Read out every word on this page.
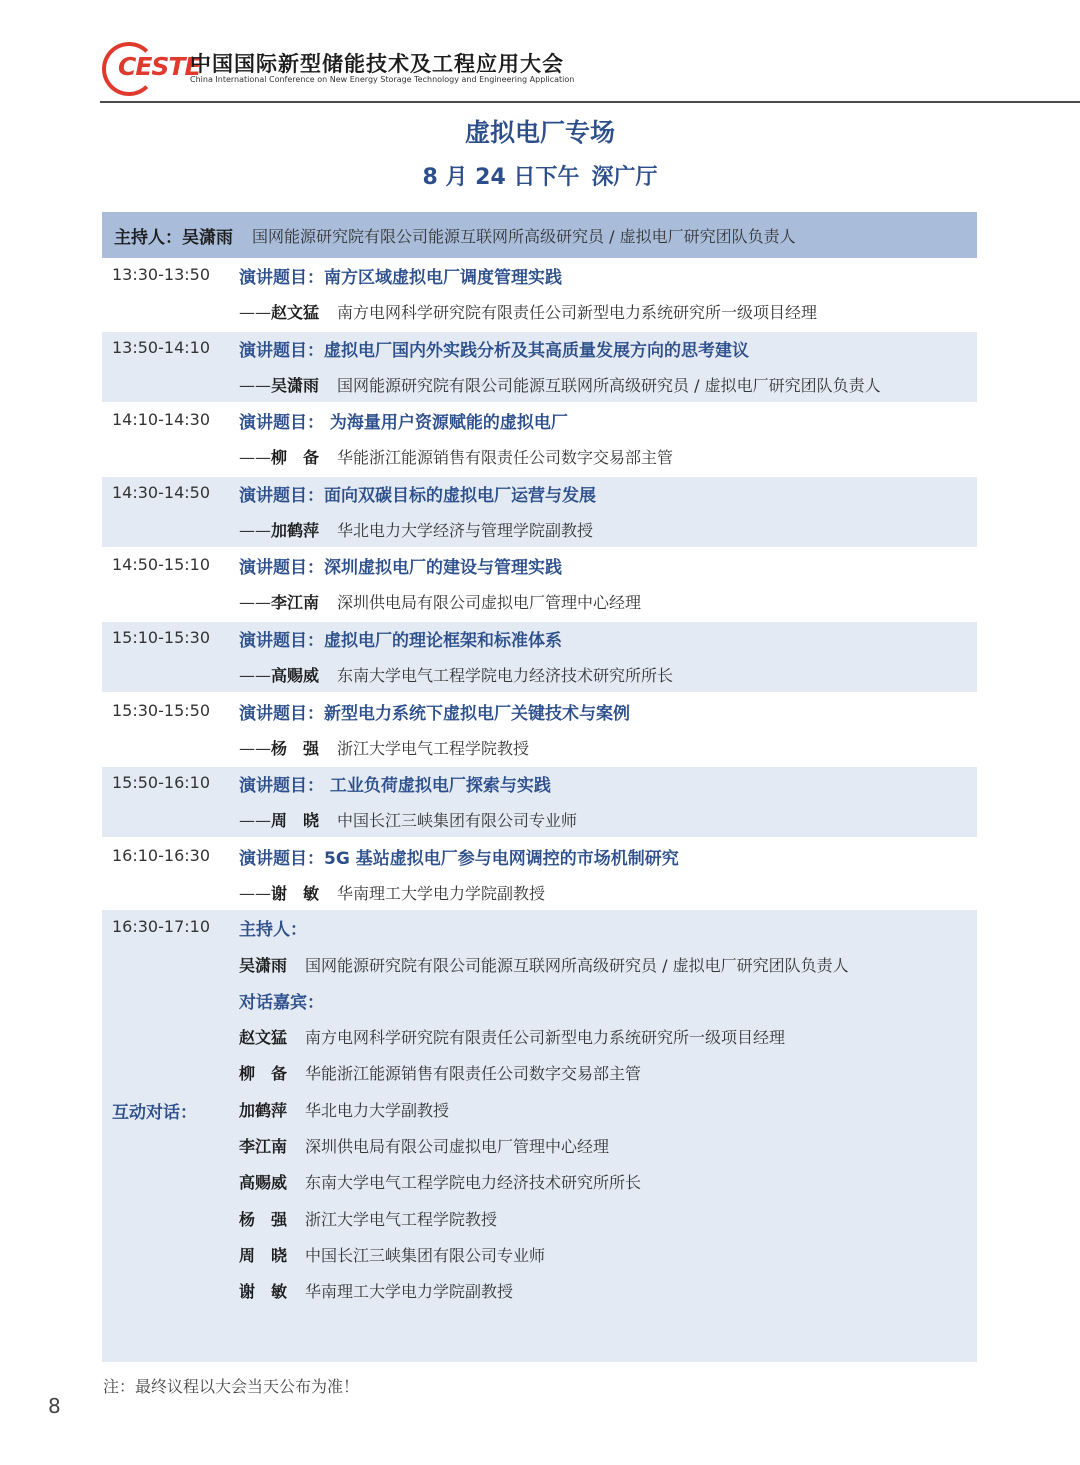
CESTE
中国国际新型储能技术及工程应用大会
China International Conference on New Energy Storage Technology and Engineering Application
虚拟电厂专场
8 月 24 日下午 深广厅
主持人：吴潇雨 国网能源研究院有限公司能源互联网所高级研究员 / 虚拟电厂研究团队负责人
13:30-13:50 演讲题目：南方区域虚拟电厂调度管理实践
——赵文猛 南方电网科学研究院有限责任公司新型电力系统研究所一级项目经理
13:50-14:10 演讲题目：虚拟电厂国内外实践分析及其高质量发展方向的思考建议
——吴潇雨 国网能源研究院有限公司能源互联网所高级研究员 / 虚拟电厂研究团队负责人
14:10-14:30 演讲题目： 为海量用户资源赋能的虚拟电厂
——柳　备 华能浙江能源销售有限责任公司数字交易部主管
14:30-14:50 演讲题目：面向双碳目标的虚拟电厂运营与发展
——加鹤萍 华北电力大学经济与管理学院副教授
14:50-15:10 演讲题目：深圳虚拟电厂的建设与管理实践
——李江南 深圳供电局有限公司虚拟电厂管理中心经理
15:10-15:30 演讲题目：虚拟电厂的理论框架和标准体系
——高赐威 东南大学电气工程学院电力经济技术研究所所长
15:30-15:50 演讲题目：新型电力系统下虚拟电厂关键技术与案例
——杨　强 浙江大学电气工程学院教授
15:50-16:10 演讲题目： 工业负荷虚拟电厂探索与实践
——周　晓 中国长江三峡集团有限公司专业师
16:10-16:30 演讲题目：5G 基站虚拟电厂参与电网调控的市场机制研究
——谢　敏 华南理工大学电力学院副教授
16:30-17:10
互动对话：
主持人：
吴潇雨 国网能源研究院有限公司能源互联网所高级研究员 / 虚拟电厂研究团队负责人
对话嘉宾：
赵文猛 南方电网科学研究院有限责任公司新型电力系统研究所一级项目经理
柳　备 华能浙江能源销售有限责任公司数字交易部主管
加鹤萍 华北电力大学副教授
李江南 深圳供电局有限公司虚拟电厂管理中心经理
高赐威 东南大学电气工程学院电力经济技术研究所所长
杨　强 浙江大学电气工程学院教授
周　晓 中国长江三峡集团有限公司专业师
谢　敏 华南理工大学电力学院副教授
注：最终议程以大会当天公布为准！
8
